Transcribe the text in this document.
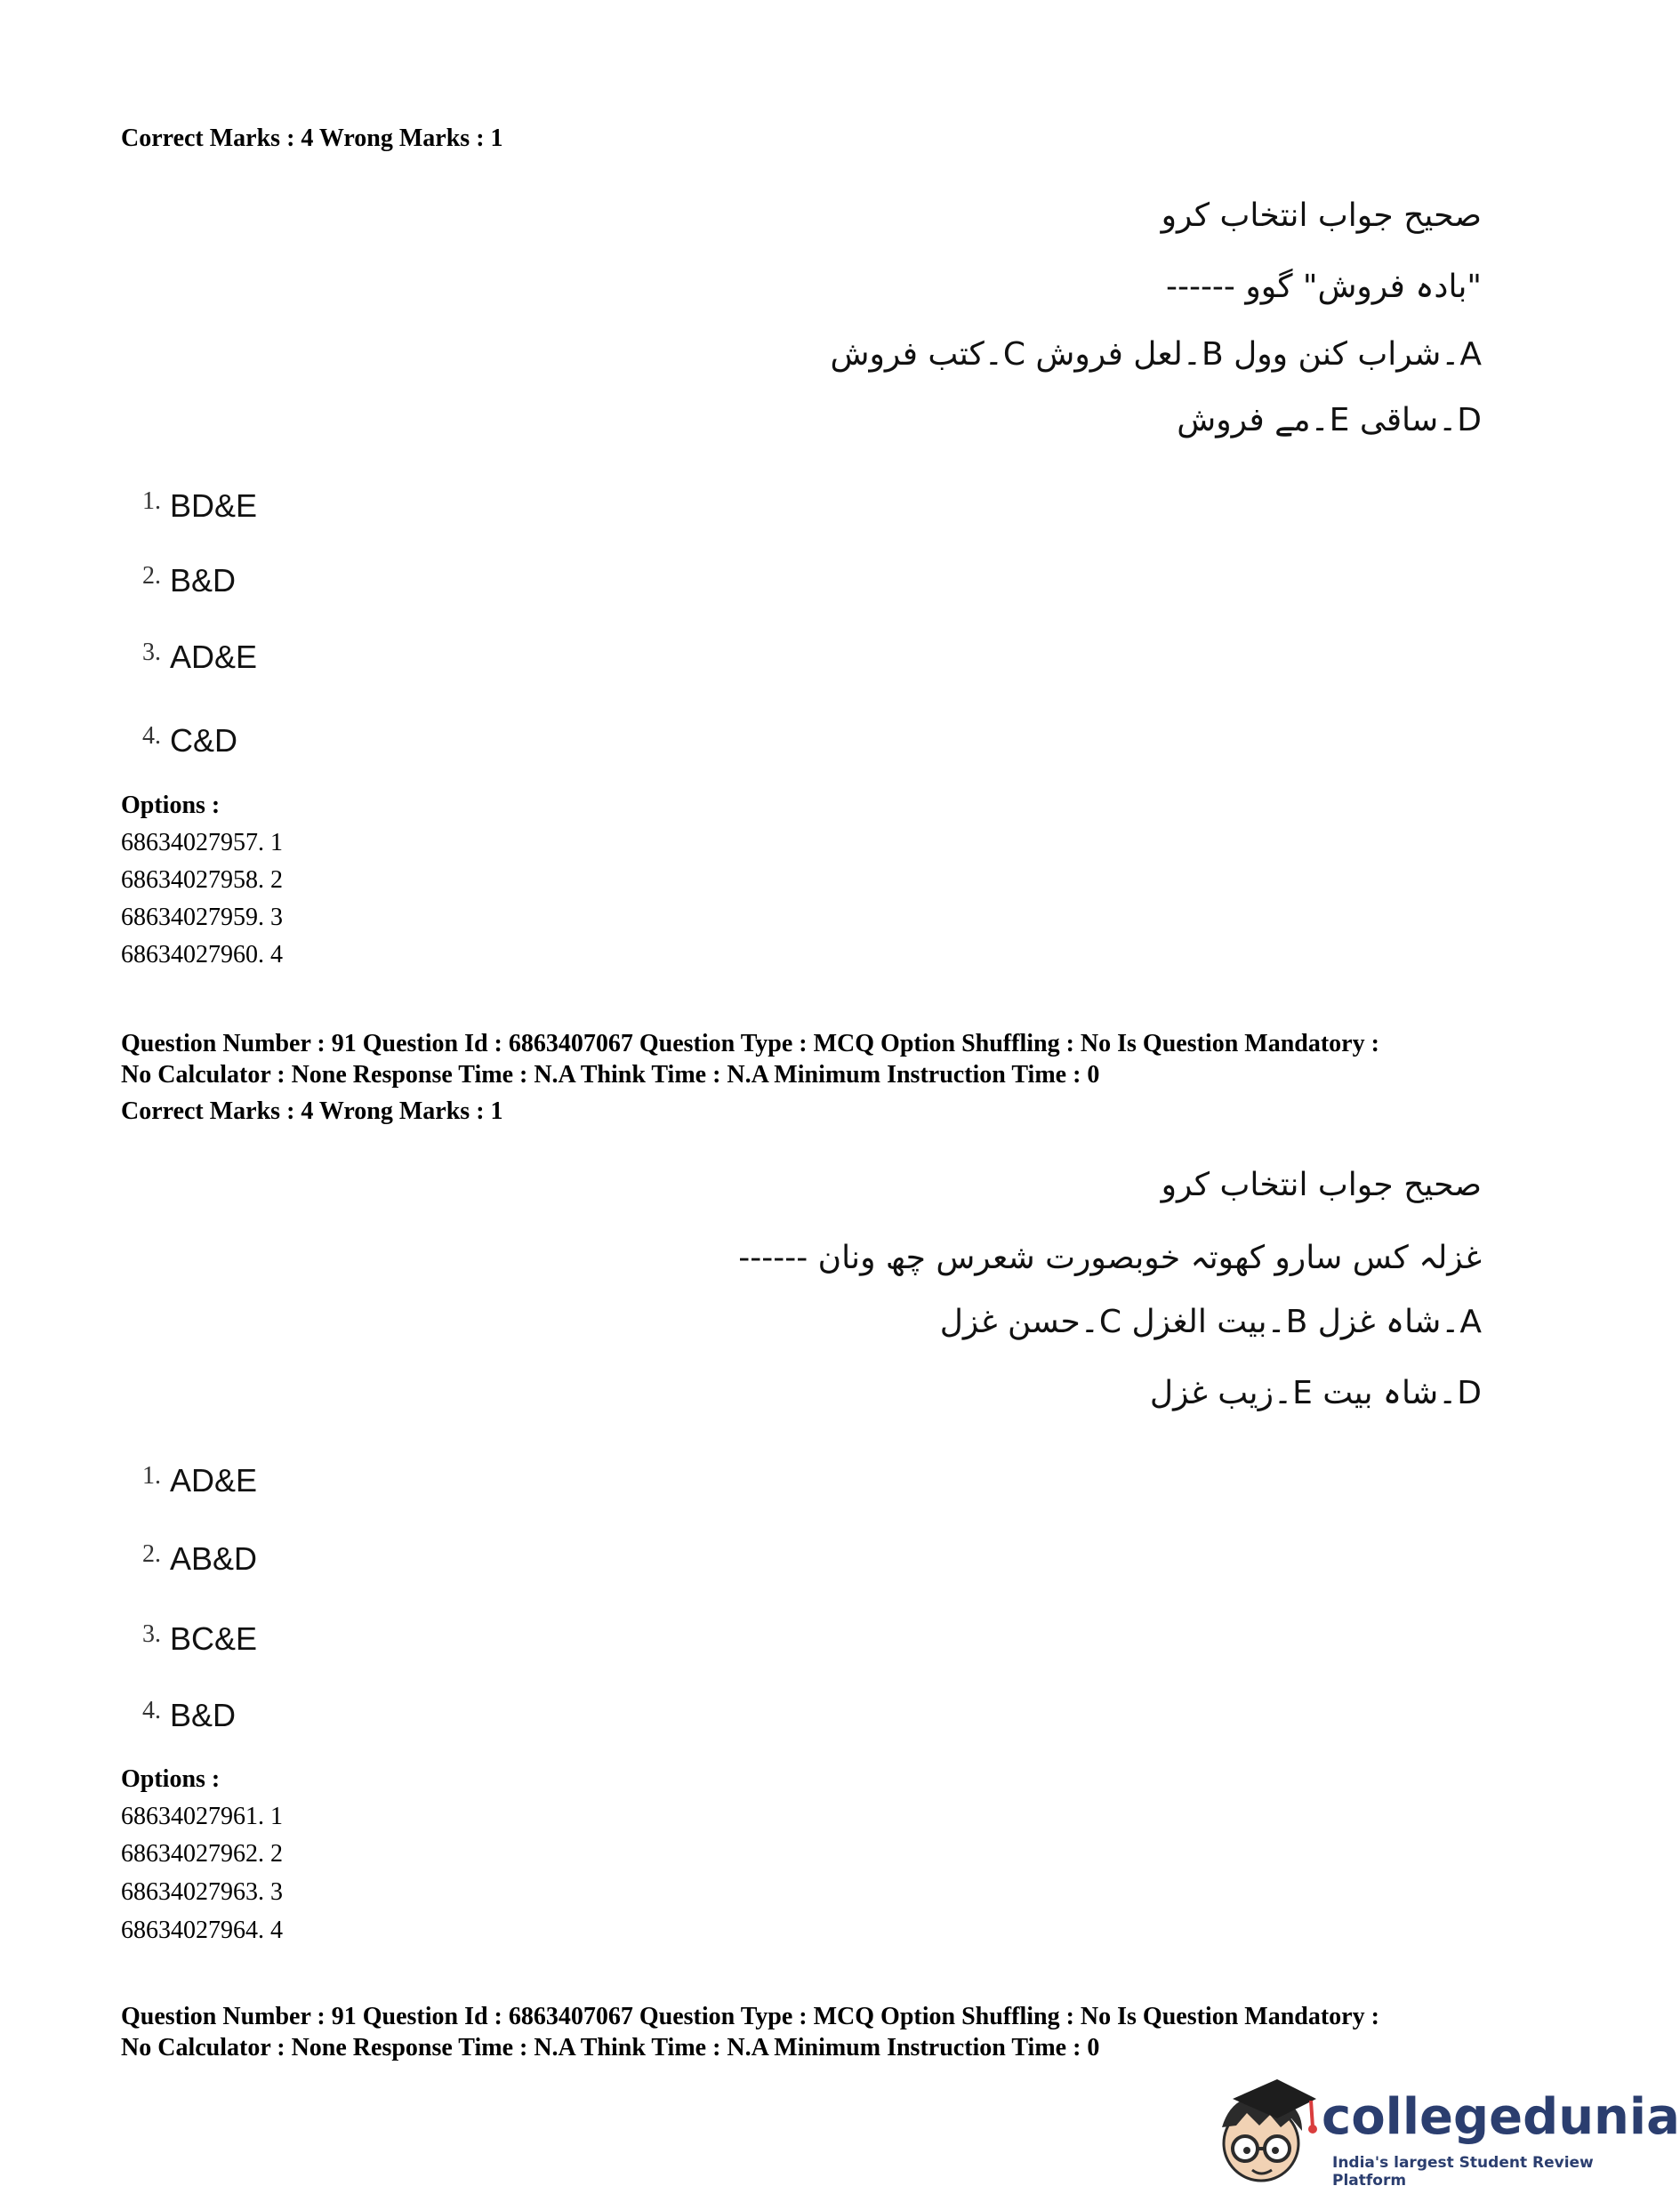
Correct Marks : 4 Wrong Marks : 1
صحیح جواب انتخاب کرو
"بادہ فروش" گوو ------
A۔شراب کنن وول B۔لعل فروش C۔کتب فروش
D۔ساقی E۔مے فروش
1. BD&E
2. B&D
3. AD&E
4. C&D
Options :
68634027957. 1
68634027958. 2
68634027959. 3
68634027960. 4
Question Number : 91 Question Id : 6863407067 Question Type : MCQ Option Shuffling : No Is Question Mandatory :
No Calculator : None Response Time : N.A Think Time : N.A Minimum Instruction Time : 0
Correct Marks : 4 Wrong Marks : 1
صحیح جواب انتخاب کرو
غزلہ کس سارو کھوتہ خوبصورت شعرس چھ ونان ------
A۔شاہ غزل B۔بیت الغزل C۔حسن غزل
D۔شاہ بیت E۔زیب غزل
1. AD&E
2. AB&D
3. BC&E
4. B&D
Options :
68634027961. 1
68634027962. 2
68634027963. 3
68634027964. 4
Question Number : 91 Question Id : 6863407067 Question Type : MCQ Option Shuffling : No Is Question Mandatory :
No Calculator : None Response Time : N.A Think Time : N.A Minimum Instruction Time : 0
collegedunia
India's largest Student Review Platform
